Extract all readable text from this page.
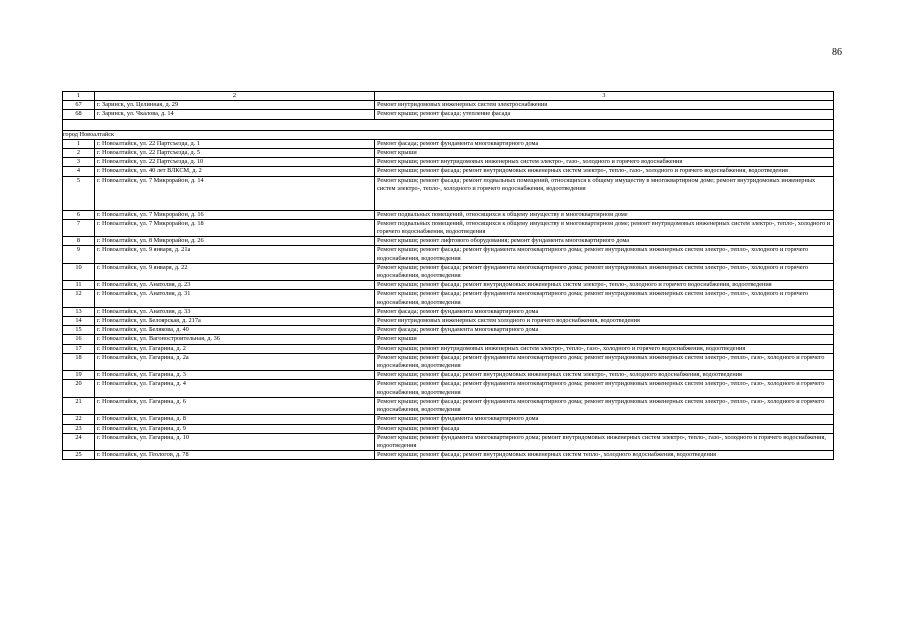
86
1	2	3
67	г. Заринск, ул. Целинная, д. 29	Ремонт внутридомовых инженерных систем электроснабжения
68	г. Заринск, ул. Чкалова, д. 14	Ремонт крыши; ремонт фасада; утепление фасада

город Новоалтайск		
1	г. Новоалтайск, ул. 22 Партсъезда, д. 1	Ремонт фасада; ремонт фундамента многоквартирного дома
2	г. Новоалтайск, ул. 22 Партсъезда, д. 5	Ремонт крыши
3	г. Новоалтайск, ул. 22 Партсъезда, д. 10	Ремонт крыши; ремонт внутридомовых инженерных систем электро-, газо-, холодного и горячего водоснабжения
4	г. Новоалтайск, ул. 40 лет ВЛКСМ, д. 2	Ремонт крыши; ремонт фасада; ремонт внутридомовых инженерных систем электро-, тепло-, газо-, холодного и горячего водоснабжения, водоотведения
5	г. Новоалтайск, ул. 7 Микрорайон, д. 14	Ремонт крыши; ремонт фасада; ремонт подвальных помещений, относящихся к общему имуществу в многоквартирном доме; ремонт внутридомовых инженерных систем электро-, тепло-, холодного и горячего водоснабжения, водоотведения
6	г. Новоалтайск, ул. 7 Микрорайон, д. 16	Ремонт подвальных помещений, относящихся к общему имуществу в многоквартирном доме
7	г. Новоалтайск, ул. 7 Микрорайон, д. 18	Ремонт подвальных помещений, относящихся к общему имуществу в многоквартирном доме; ремонт внутридомовых инженерных систем электро-, тепло-, холодного и горячего водоснабжения, водоотведения
8	г. Новоалтайск, ул. 8 Микрорайон, д. 26	Ремонт крыши; ремонт лифтового оборудования; ремонт фундамента многоквартирного дома
9	г. Новоалтайск, ул. 9 января, д. 21а	Ремонт крыши; ремонт фасада; ремонт фундамента многоквартирного дома; ремонт внутридомовых инженерных систем электро-, тепло-, холодного и горячего водоснабжения, водоотведения
10	г. Новоалтайск, ул. 9 января, д. 22	Ремонт крыши; ремонт фасада; ремонт фундамента многоквартирного дома; ремонт внутридомовых инженерных систем электро-, тепло-, холодного и горячего водоснабжения, водоотведения
11	г. Новоалтайск, ул. Анатолия, д. 23	Ремонт крыши; ремонт фасада; ремонт внутридомовых инженерных систем электро-, тепло-, холодного и горячего водоснабжения, водоотведения
12	г. Новоалтайск, ул. Анатолия, д. 31	Ремонт крыши; ремонт фасада; ремонт фундамента многоквартирного дома; ремонт внутридомовых инженерных систем электро-, тепло-, холодного и горячего водоснабжения, водоотведения
13	г. Новоалтайск, ул. Анатолия, д. 33	Ремонт фасада; ремонт фундамента многоквартирного дома
14	г. Новоалтайск, ул. Белоярская, д. 217а	Ремонт внутридомовых инженерных систем холодного и горячего водоснабжения, водоотведения
15	г. Новоалтайск, ул. Белякова, д. 40	Ремонт фасада; ремонт фундамента многоквартирного дома
16	г. Новоалтайск, ул. Вагоностроительная, д. 36	Ремонт крыши
17	г. Новоалтайск, ул. Гагарина, д. 2	Ремонт крыши; ремонт внутридомовых инженерных систем электро-, тепло-, газо-, холодного и горячего водоснабжения, водоотведения
18	г. Новоалтайск, ул. Гагарина, д. 2а	Ремонт крыши; ремонт фасада; ремонт фундамента многоквартирного дома; ремонт внутридомовых инженерных систем электро-, тепло-, газо-, холодного и горячего водоснабжения, водоотведения
19	г. Новоалтайск, ул. Гагарина, д. 3	Ремонт крыши; ремонт фасада; ремонт внутридомовых инженерных систем электро-, тепло-, холодного водоснабжения, водоотведения
20	г. Новоалтайск, ул. Гагарина, д. 4	Ремонт крыши; ремонт фасада; ремонт фундамента многоквартирного дома; ремонт внутридомовых инженерных систем электро-, тепло-, газо-, холодного и горячего водоснабжения, водоотведения
21	г. Новоалтайск, ул. Гагарина, д. 6	Ремонт крыши; ремонт фасада; ремонт фундамента многоквартирного дома; ремонт внутридомовых инженерных систем электро-, тепло-, газо-, холодного и горячего водоснабжения, водоотведения
22	г. Новоалтайск, ул. Гагарина, д. 8	Ремонт крыши; ремонт фундамента многоквартирного дома
23	г. Новоалтайск, ул. Гагарина, д. 9	Ремонт крыши; ремонт фасада
24	г. Новоалтайск, ул. Гагарина, д. 10	Ремонт крыши; ремонт фундамента многоквартирного дома; ремонт внутридомовых инженерных систем электро-, тепло-, газо-, холодного и горячего водоснабжения, водоотведения
25	г. Новоалтайск, ул. Геологов, д. 78	Ремонт крыши; ремонт фасада; ремонт внутридомовых инженерных систем тепло-, холодного водоснабжения, водоотведения
